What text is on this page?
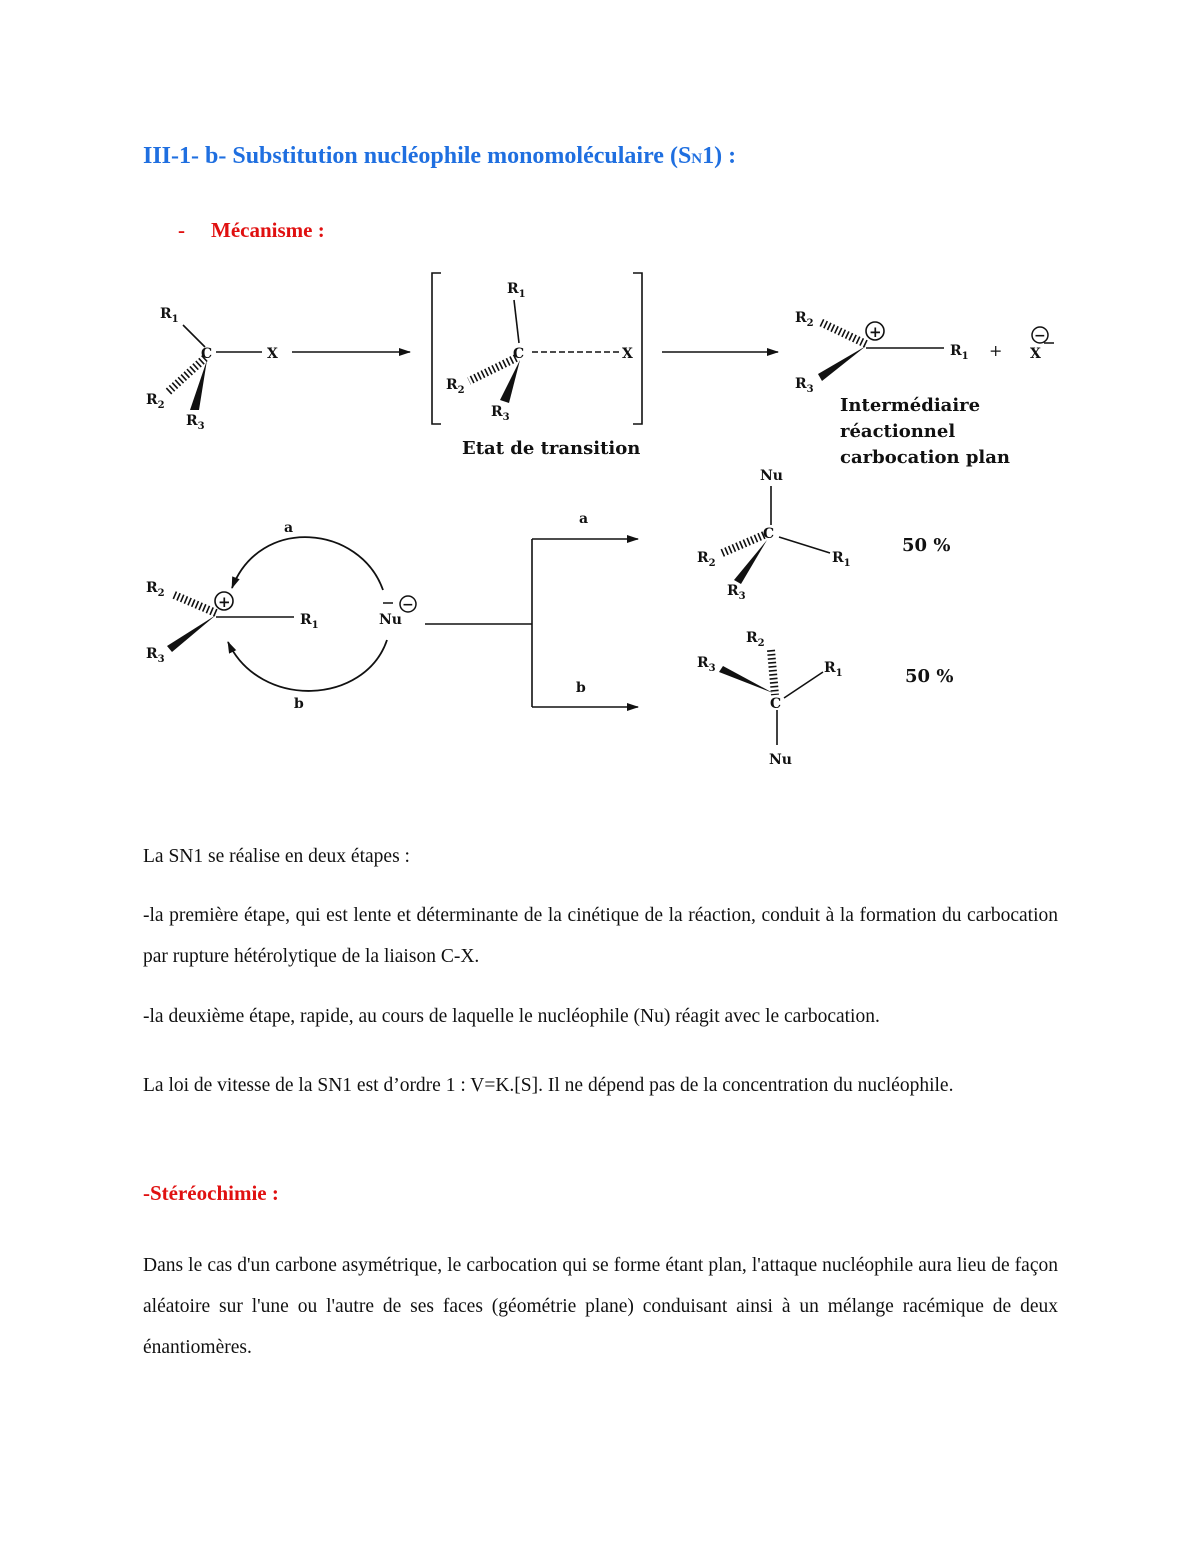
III-1- b- Substitution nucléophile monomoléculaire (SN1) :
- Mécanisme :
$R_1$
C	X
$R_2$
$R_3$
$R_1$
C	X
$R_2$
$R_3$
Etat de transition
+
$R_2$
$R_3$
$R_1$ +
−
X
Intermédiaire
réactionnel
carbocation plan
+
$R_2$
$R_3$
$R_1$
a
b
Nu
−
a
b
Nu
C
$R_1$
$R_2$
$R_3$
50 %
$R_2$
$R_3$	$R_1$
C
Nu
50 %
La SN1 se réalise en deux étapes :
-la première étape, qui est lente et déterminante de la cinétique de la réaction, conduit à la formation du carbocation par rupture hétérolytique de la liaison C-X.
-la deuxième étape, rapide, au cours de laquelle le nucléophile (Nu) réagit avec le carbocation.
La loi de vitesse de la SN1 est d’ordre 1 : V=K.[S]. Il ne dépend pas de la concentration du nucléophile.
-Stéréochimie :
Dans le cas d'un carbone asymétrique, le carbocation qui se forme étant plan, l'attaque nucléophile aura lieu de façon aléatoire sur l'une ou l'autre de ses faces (géométrie plane) conduisant ainsi à un mélange racémique de deux énantiomères.
